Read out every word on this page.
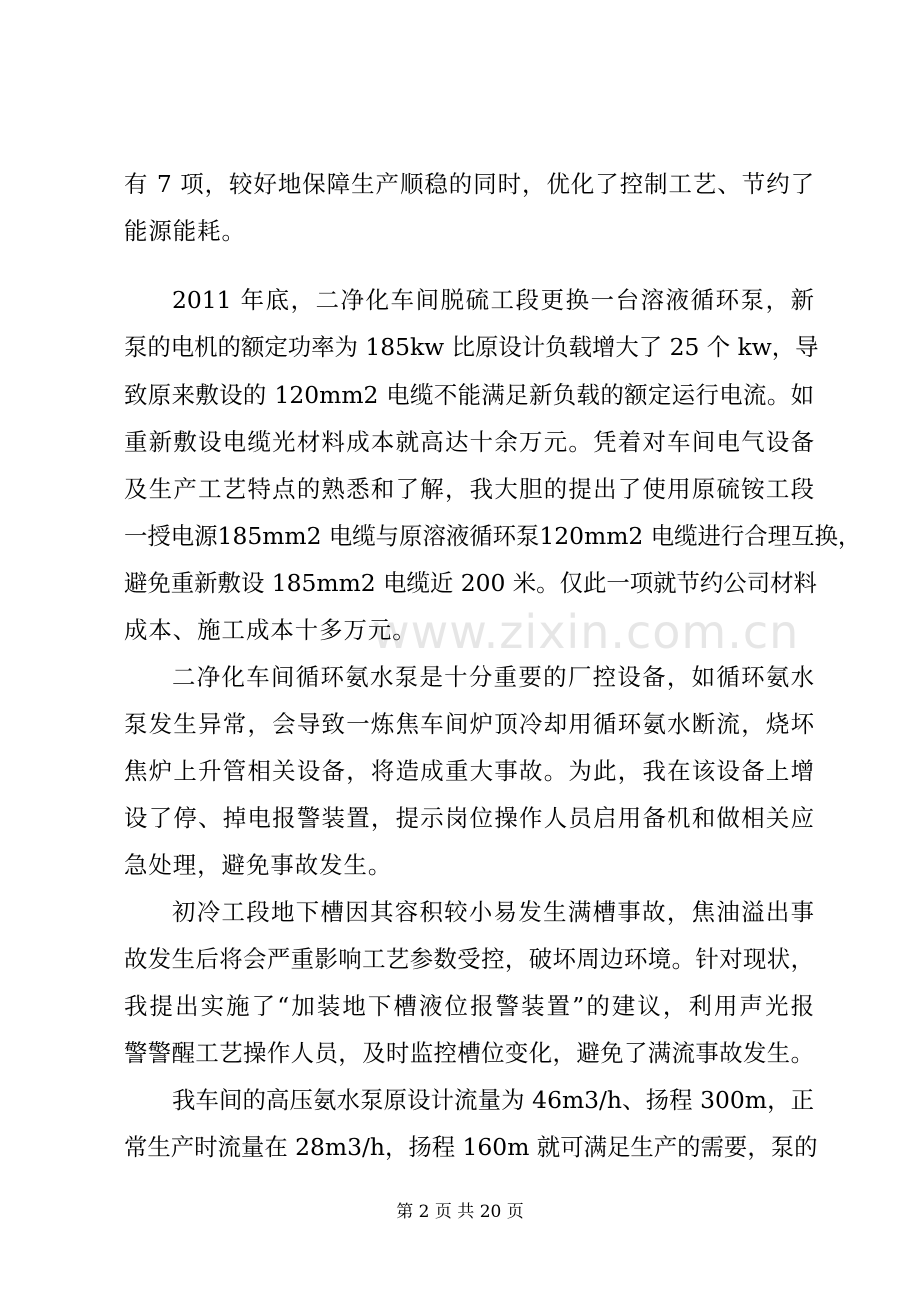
www.zixin.com.cn
有 7 项，较好地保障生产顺稳的同时，优化了控制工艺、节约了
能源能耗。
2011 年底，二净化车间脱硫工段更换一台溶液循环泵，新
泵的电机的额定功率为 185kw 比原设计负载增大了 25 个 kw，导
致原来敷设的 120mm2 电缆不能满足新负载的额定运行电流。如
重新敷设电缆光材料成本就高达十余万元。凭着对车间电气设备
及生产工艺特点的熟悉和了解，我大胆的提出了使用原硫铵工段
一授电源185mm2 电缆与原溶液循环泵120mm2 电缆进行合理互换，
避免重新敷设 185mm2 电缆近 200 米。仅此一项就节约公司材料
成本、施工成本十多万元。
二净化车间循环氨水泵是十分重要的厂控设备，如循环氨水
泵发生异常，会导致一炼焦车间炉顶冷却用循环氨水断流，烧坏
焦炉上升管相关设备，将造成重大事故。为此，我在该设备上增
设了停、掉电报警装置，提示岗位操作人员启用备机和做相关应
急处理，避免事故发生。
初冷工段地下槽因其容积较小易发生满槽事故，焦油溢出事
故发生后将会严重影响工艺参数受控，破坏周边环境。针对现状，
我提出实施了“加装地下槽液位报警装置”的建议，利用声光报
警警醒工艺操作人员，及时监控槽位变化，避免了满流事故发生。
我车间的高压氨水泵原设计流量为 46m3/h、扬程 300m，正
常生产时流量在 28m3/h，扬程 160m 就可满足生产的需要，泵的
第 2 页 共 20 页
